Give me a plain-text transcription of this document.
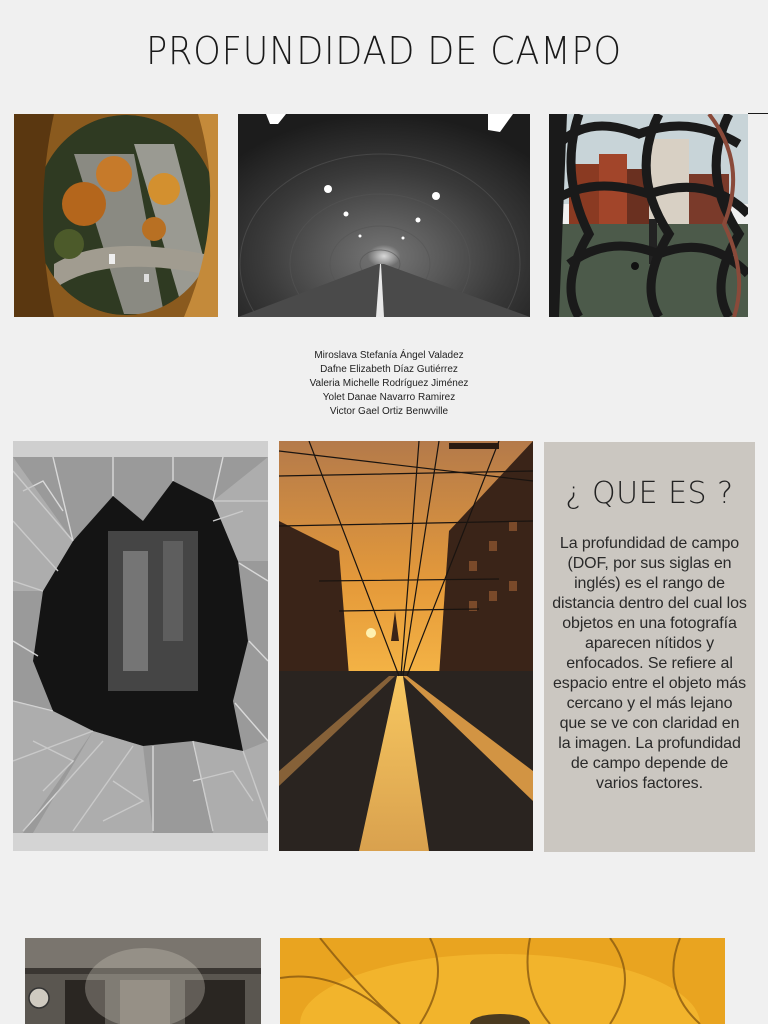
PROFUNDIDAD DE CAMPO
Miroslava Stefanía Ángel Valadez
Dafne Elizabeth Díaz Gutiérrez
Valeria Michelle Rodríguez Jiménez
Yolet Danae Navarro Ramirez
Victor Gael Ortiz Benwville
¿ QUE ES ?
La profundidad de campo (DOF, por sus siglas en inglés) es el rango de distancia dentro del cual los objetos en una fotografía aparecen nítidos y enfocados. Se refiere al espacio entre el objeto más cercano y el más lejano que se ve con claridad en la imagen. La profundidad de campo depende de varios factores.
